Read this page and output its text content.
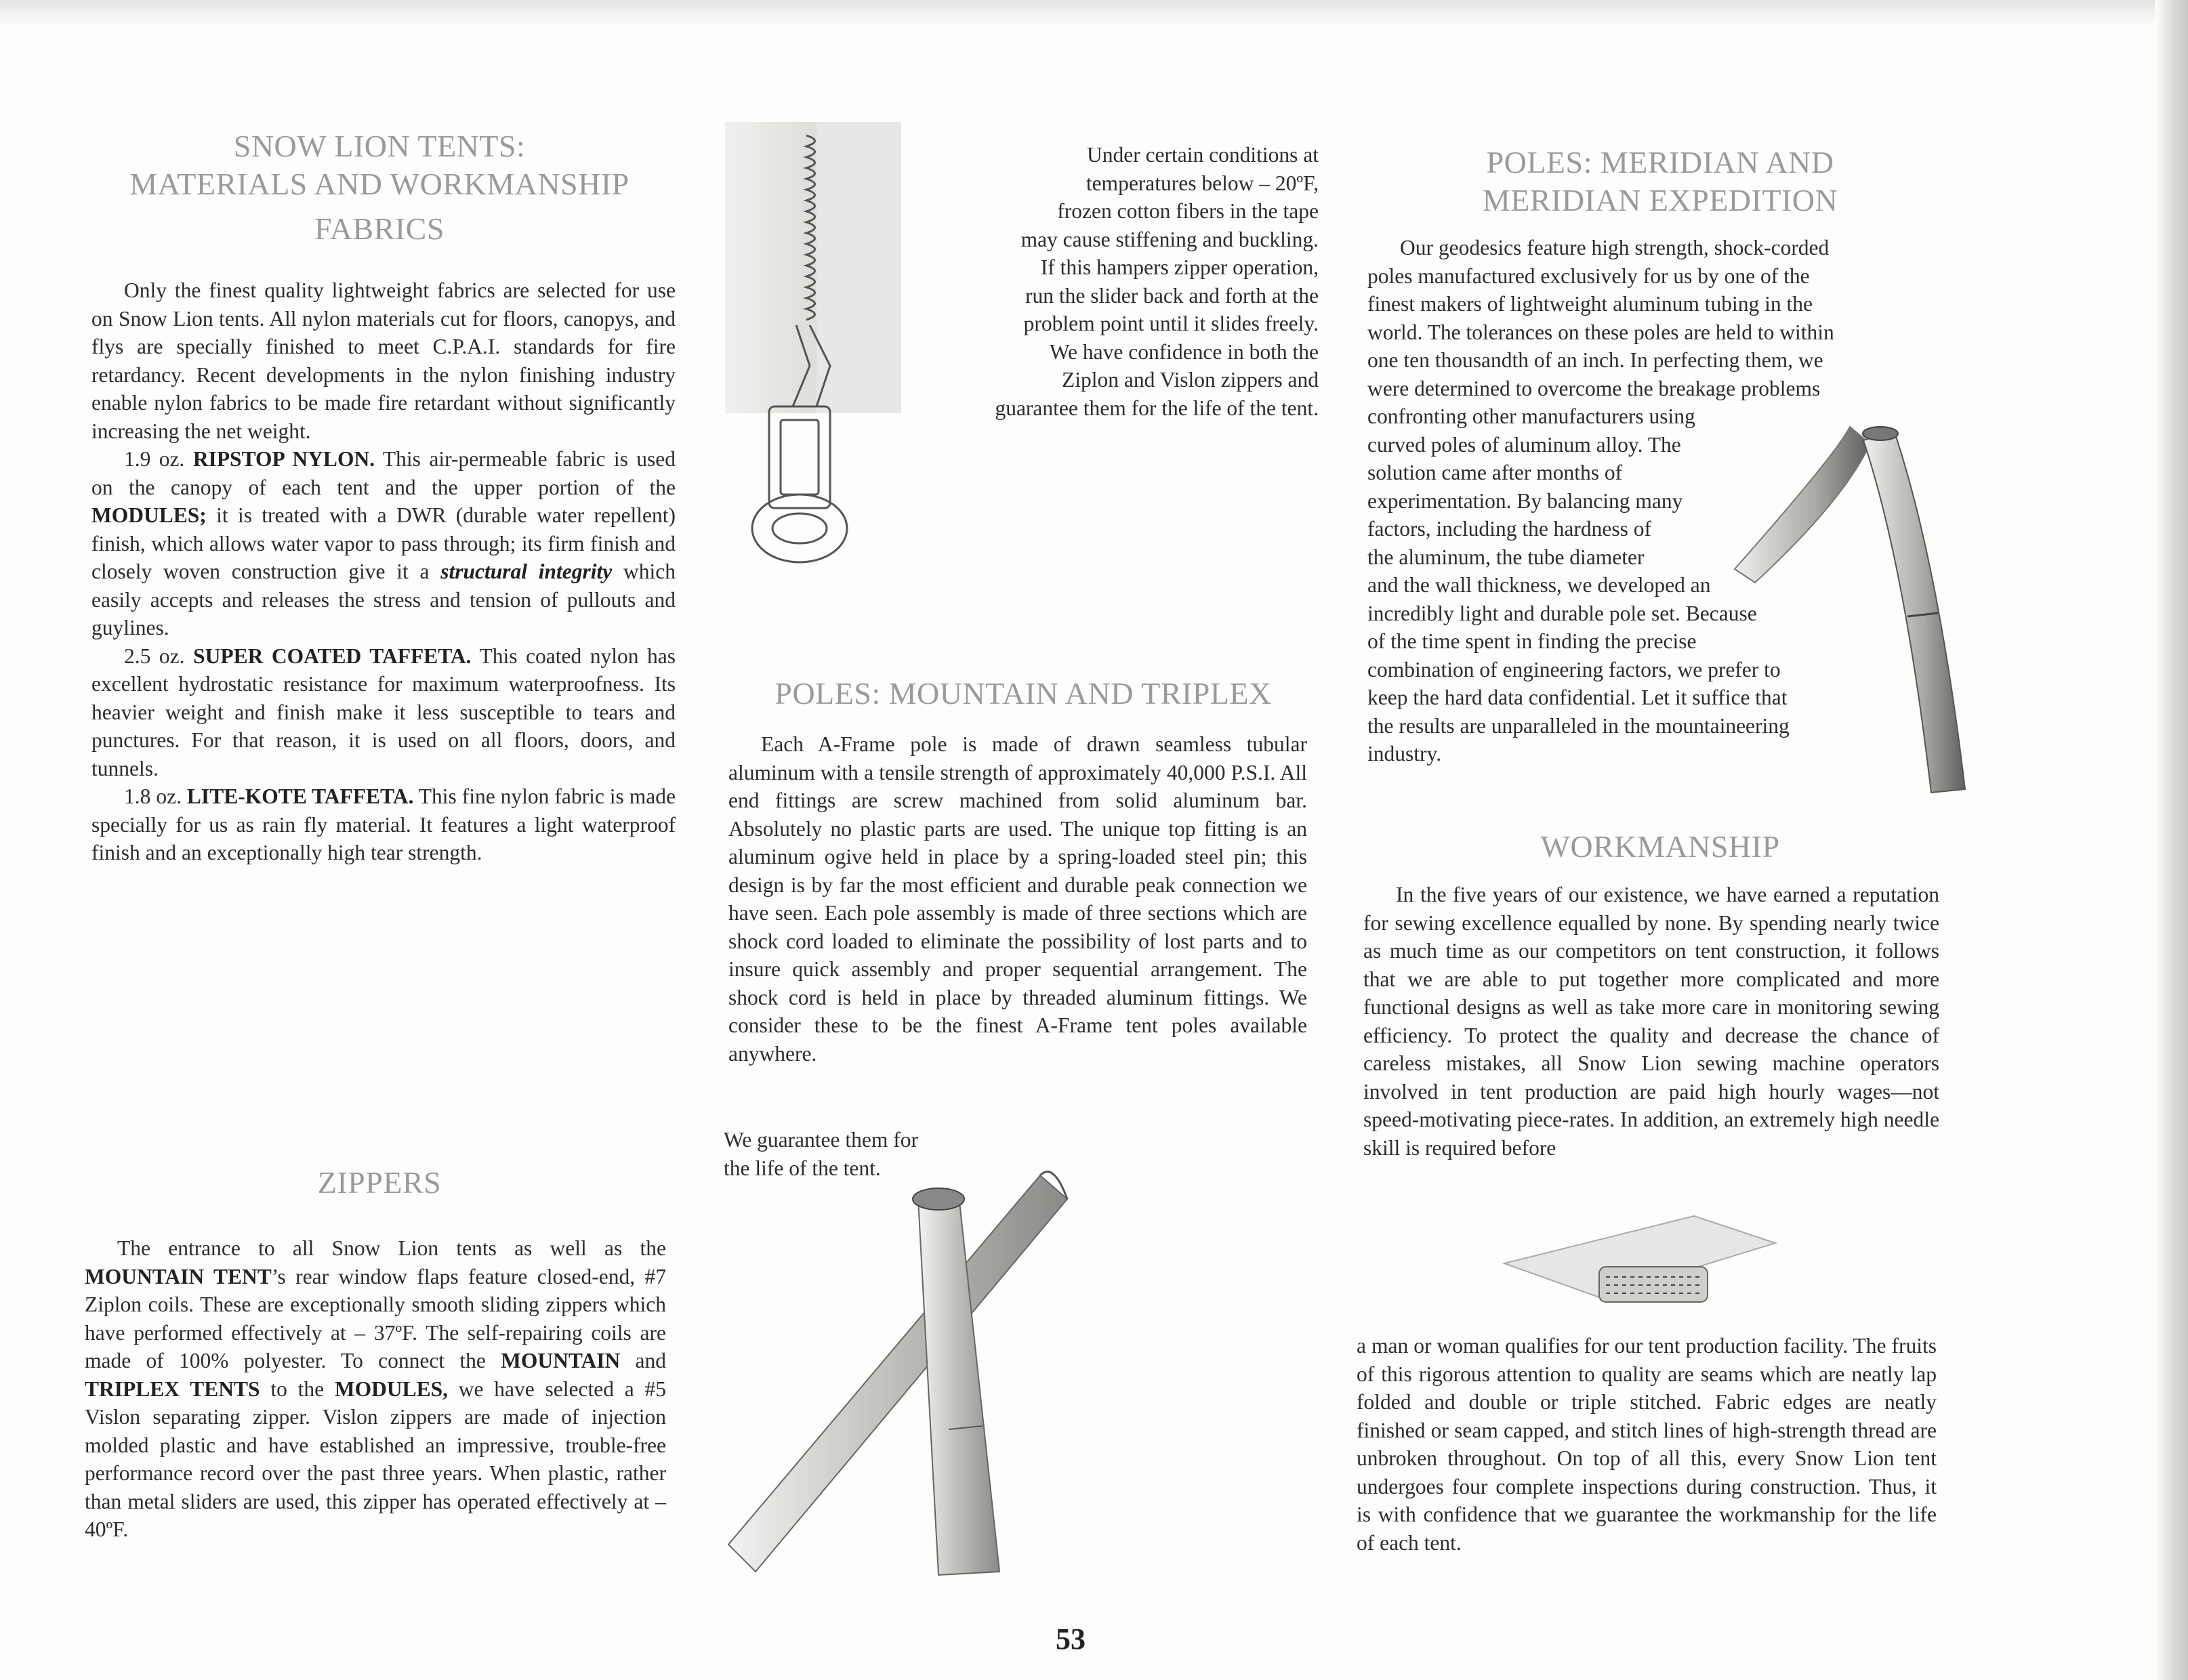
SNOW LION TENTS:
MATERIALS AND WORKMANSHIP
FABRICS

Only the finest quality lightweight fabrics are selected for use on Snow Lion tents. All nylon materials cut for floors, canopys, and flys are specially finished to meet C.P.A.I. standards for fire retardancy. Recent developments in the nylon finishing industry enable nylon fabrics to be made fire retardant without significantly increasing the net weight.

1.9 oz. RIPSTOP NYLON. This air-permeable fabric is used on the canopy of each tent and the upper portion of the MODULES; it is treated with a DWR (durable water repellent) finish, which allows water vapor to pass through; its firm finish and closely woven construction give it a structural integrity which easily accepts and releases the stress and tension of pullouts and guylines.

2.5 oz. SUPER COATED TAFFETA. This coated nylon has excellent hydrostatic resistance for maximum waterproofness. Its heavier weight and finish make it less susceptible to tears and punctures. For that reason, it is used on all floors, doors, and tunnels.

1.8 oz. LITE-KOTE TAFFETA. This fine nylon fabric is made specially for us as rain fly material. It features a light waterproof finish and an exceptionally high tear strength.

ZIPPERS

The entrance to all Snow Lion tents as well as the MOUNTAIN TENT’s rear window flaps feature closed-end, #7 Ziplon coils. These are exceptionally smooth sliding zippers which have performed effectively at – 37ºF. The self-repairing coils are made of 100% polyester. To connect the MOUNTAIN and TRIPLEX TENTS to the MODULES, we have selected a #5 Vislon separating zipper. Vislon zippers are made of injection molded plastic and have established an impressive, trouble-free performance record over the past three years. When plastic, rather than metal sliders are used, this zipper has operated effectively at –40ºF.

Under certain conditions at

temperatures below – 20ºF,

frozen cotton fibers in the tape

may cause stiffening and buckling.

If this hampers zipper operation,

run the slider back and forth at the

problem point until it slides freely.

We have confidence in both the

Ziplon and Vislon zippers and

guarantee them for the life of the tent.

POLES: MOUNTAIN AND TRIPLEX

Each A-Frame pole is made of drawn seamless tubular aluminum with a tensile strength of approximately 40,000 P.S.I. All end fittings are screw machined from solid aluminum bar. Absolutely no plastic parts are used. The unique top fitting is an aluminum ogive held in place by a spring-loaded steel pin; this design is by far the most efficient and durable peak connection we have seen. Each pole assembly is made of three sections which are shock cord loaded to eliminate the possibility of lost parts and to insure quick assembly and proper sequential arrangement. The shock cord is held in place by threaded aluminum fittings. We consider these to be the finest A-Frame tent poles available anywhere.

We guarantee them for

the life of the tent.

POLES: MERIDIAN AND
MERIDIAN EXPEDITION

Our geodesics feature high strength, shock-corded

poles manufactured exclusively for us by one of the

finest makers of lightweight aluminum tubing in the

world. The tolerances on these poles are held to within

one ten thousandth of an inch. In perfecting them, we

were determined to overcome the breakage problems

confronting other manufacturers using

curved poles of aluminum alloy. The

solution came after months of

experimentation. By balancing many

factors, including the hardness of

the aluminum, the tube diameter

and the wall thickness, we developed an

incredibly light and durable pole set. Because

of the time spent in finding the precise

combination of engineering factors, we prefer to

keep the hard data confidential. Let it suffice that

the results are unparalleled in the mountaineering

industry.

WORKMANSHIP

In the five years of our existence, we have earned a reputation for sewing excellence equalled by none. By spending nearly twice as much time as our competitors on tent construction, it follows that we are able to put together more complicated and more functional designs as well as take more care in monitoring sewing efficiency. To protect the quality and decrease the chance of careless mistakes, all Snow Lion sewing machine operators involved in tent production are paid high hourly wages—not speed-motivating piece-rates. In addition, an extremely high needle skill is required before

a man or woman qualifies for our tent production facility. The fruits of this rigorous attention to quality are seams which are neatly lap folded and double or triple stitched. Fabric edges are neatly finished or seam capped, and stitch lines of high-strength thread are unbroken throughout. On top of all this, every Snow Lion tent undergoes four complete inspections during construction. Thus, it is with confidence that we guarantee the workmanship for the life of each tent.

53
